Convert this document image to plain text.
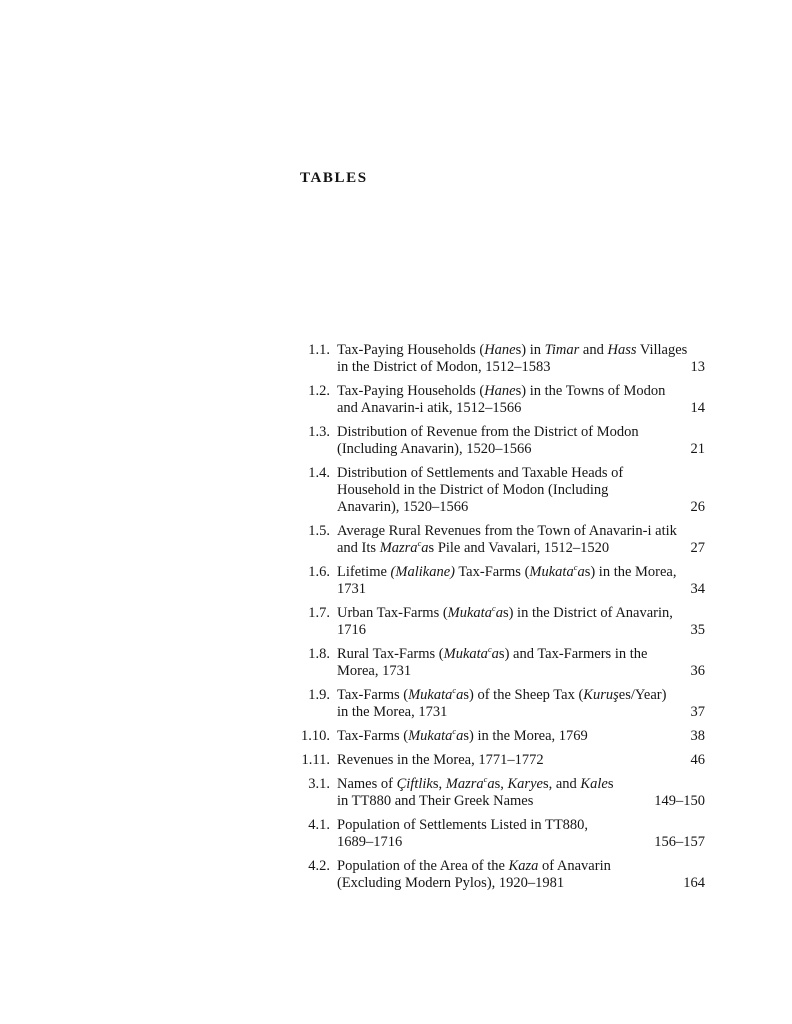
TABLES
1.1. Tax-Paying Households (Hanes) in Timar and Hass Villages
in the District of Modon, 1512–1583	13
1.2. Tax-Paying Households (Hanes) in the Towns of Modon
and Anavarin-i atik, 1512–1566	14
1.3. Distribution of Revenue from the District of Modon
(Including Anavarin), 1520–1566	21
1.4. Distribution of Settlements and Taxable Heads of
Household in the District of Modon (Including
Anavarin), 1520–1566	26
1.5. Average Rural Revenues from the Town of Anavarin-i atik
and Its Mazra$^c$as Pile and Vavalari, 1512–1520	27
1.6. Lifetime (Malikane) Tax-Farms (Mukata$^c$as) in the Morea,
1731	34
1.7. Urban Tax-Farms (Mukata$^c$as) in the District of Anavarin,
1716	35
1.8. Rural Tax-Farms (Mukata$^c$as) and Tax-Farmers in the
Morea, 1731	36
1.9. Tax-Farms (Mukata$^c$as) of the Sheep Tax (Kuruşes/Year)
in the Morea, 1731	37
1.10. Tax-Farms (Mukata$^c$as) in the Morea, 1769	38
1.11. Revenues in the Morea, 1771–1772	46
3.1. Names of Çiftliks, Mazra$^c$as, Karyes, and Kales
in TT880 and Their Greek Names	149–150
4.1. Population of Settlements Listed in TT880,
1689–1716	156–157
4.2. Population of the Area of the Kaza of Anavarin
(Excluding Modern Pylos), 1920–1981	164
